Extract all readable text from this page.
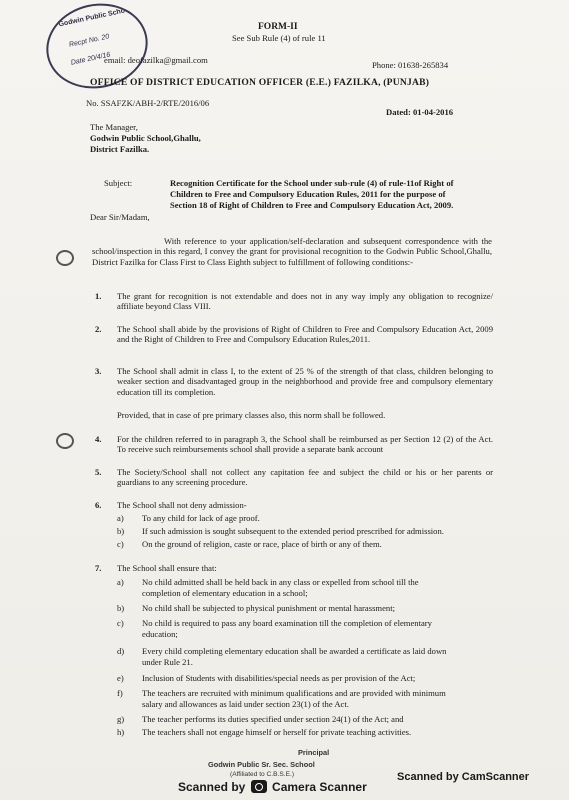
Godwin Public School
Recpt No. 20
Date 20/4/16
FORM-II
See Sub Rule (4) of rule 11
email: deofazilka@gmail.com	Phone: 01638-265834
OFFICE OF DISTRICT EDUCATION OFFICER (E.E.) FAZILKA, (PUNJAB)
No. SSAFZK/ABH-2/RTE/2016/06
Dated: 01-04-2016
The Manager,
Godwin Public School,Ghallu,
District Fazilka.
Subject:	Recognition Certificate for the School under sub-rule (4) of rule-11of Right of
Children to Free and Compulsory Education Rules, 2011 for the purpose of
Section 18 of Right of Children to Free and Compulsory Education Act, 2009.
Dear Sir/Madam,
With reference to your application/self-declaration and subsequent correspondence with the school/inspection in this regard, I convey the grant for provisional recognition to the Godwin Public School,Ghallu, District Fazilka for Class First to Class Eighth subject to fulfillment of following conditions:-
1. The grant for recognition is not extendable and does not in any way imply any obligation to recognize/ affiliate beyond Class VIII.
2. The School shall abide by the provisions of Right of Children to Free and Compulsory Education Act, 2009 and the Right of Children to Free and Compulsory Education Rules,2011.
3. The School shall admit in class I, to the extent of 25 % of the strength of that class, children belonging to weaker section and disadvantaged group in the neighborhood and provide free and compulsory elementary education till its completion.
Provided, that in case of pre primary classes also, this norm shall be followed.
4. For the children referred to in paragraph 3, the School shall be reimbursed as per Section 12 (2) of the Act. To receive such reimbursements school shall provide a separate bank account
5. The Society/School shall not collect any capitation fee and subject the child or his or her parents or guardians to any screening procedure.
6. The School shall not deny admission-
a) To any child for lack of age proof.
b) If such admission is sought subsequent to the extended period prescribed for admission.
c) On the ground of religion, caste or race, place of birth or any of them.
7. The School shall ensure that:
a) No child admitted shall be held back in any class or expelled from school till the
completion of elementary education in a school;
b) No child shall be subjected to physical punishment or mental harassment;
c) No child is required to pass any board examination till the completion of elementary
education;
d) Every child completing elementary education shall be awarded a certificate as laid down
under Rule 21.
e) Inclusion of Students with disabilities/special needs as per provision of the Act;
f) The teachers are recruited with minimum qualifications and are provided with minimum
salary and allowances as laid under section 23(1) of the Act.
g) The teacher performs its duties specified under section 24(1) of the Act; and
h) The teachers shall not engage himself or herself for private teaching activities.
Principal
Godwin Public Sr. Sec. School
(Affiliated to C.B.S.E.)
Scanned by Camera Scanner
Scanned by CamScanner
